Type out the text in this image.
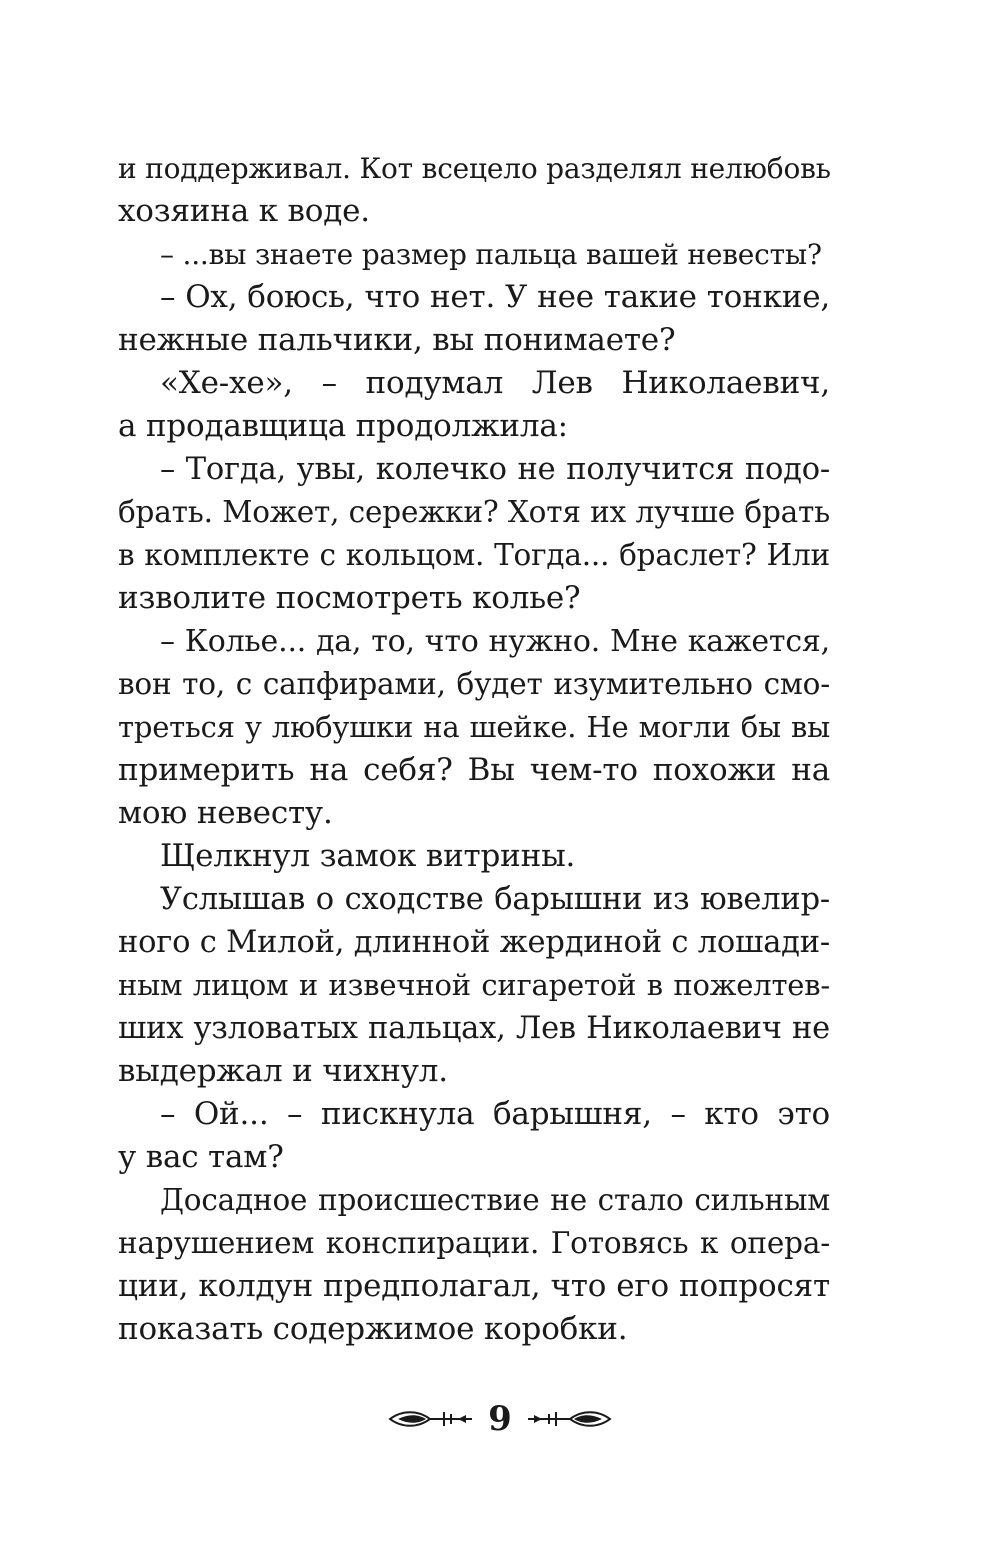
и поддерживал. Кот всецело разделял нелюбовь
хозяина к воде.
– ...вы знаете размер пальца вашей невесты?
– Ох, боюсь, что нет. У нее такие тонкие,
нежные пальчики, вы понимаете?
«Хе-хе», – подумал Лев Николаевич,
а продавщица продолжила:
– Тогда, увы, колечко не получится подо-
брать. Может, сережки? Хотя их лучше брать
в комплекте с кольцом. Тогда... браслет? Или
изволите посмотреть колье?
– Колье... да, то, что нужно. Мне кажется,
вон то, с сапфирами, будет изумительно смо-
треться у любушки на шейке. Не могли бы вы
примерить на себя? Вы чем-то похожи на
мою невесту.
Щелкнул замок витрины.
Услышав о сходстве барышни из ювелир-
ного с Милой, длинной жердиной с лошади-
ным лицом и извечной сигаретой в пожелтев-
ших узловатых пальцах, Лев Николаевич не
выдержал и чихнул.
– Ой... – пискнула барышня, – кто это
у вас там?
Досадное происшествие не стало сильным
нарушением конспирации. Готовясь к опера-
ции, колдун предполагал, что его попросят
показать содержимое коробки.
9
